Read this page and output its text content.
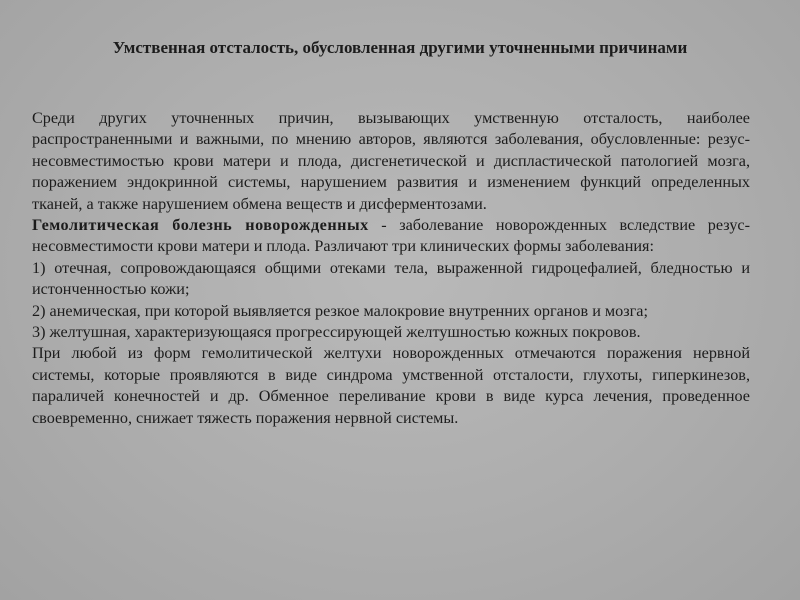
Умственная отсталость, обусловленная другими уточненными причинами

Среди других уточненных причин, вызывающих умственную отсталость, наиболее распространенными и важными, по мнению авторов, являются заболевания, обусловленные: резус-несовместимостью крови матери и плода, дисгенетической и диспластической патологией мозга, поражением эндокринной системы, нарушением развития и изменением функций определенных тканей, а также нарушением обмена веществ и дисферментозами.

Гемолитическая болезнь новорожденных - заболевание новорожденных вследствие резус-несовместимости крови матери и плода. Различают три клинических формы заболевания:

1) отечная, сопровождающаяся общими отеками тела, выраженной гидроцефалией, бледностью и истонченностью кожи;

2) анемическая, при которой выявляется резкое малокровие внутренних органов и мозга;

3) желтушная, характеризующаяся прогрессирующей желтушностью кожных покровов.

При любой из форм гемолитической желтухи новорожденных отмечаются поражения нервной системы, которые проявляются в виде синдрома умственной отсталости, глухоты, гиперкинезов, параличей конечностей и др. Обменное переливание крови в виде курса лечения, проведенное своевременно, снижает тяжесть поражения нервной системы.
